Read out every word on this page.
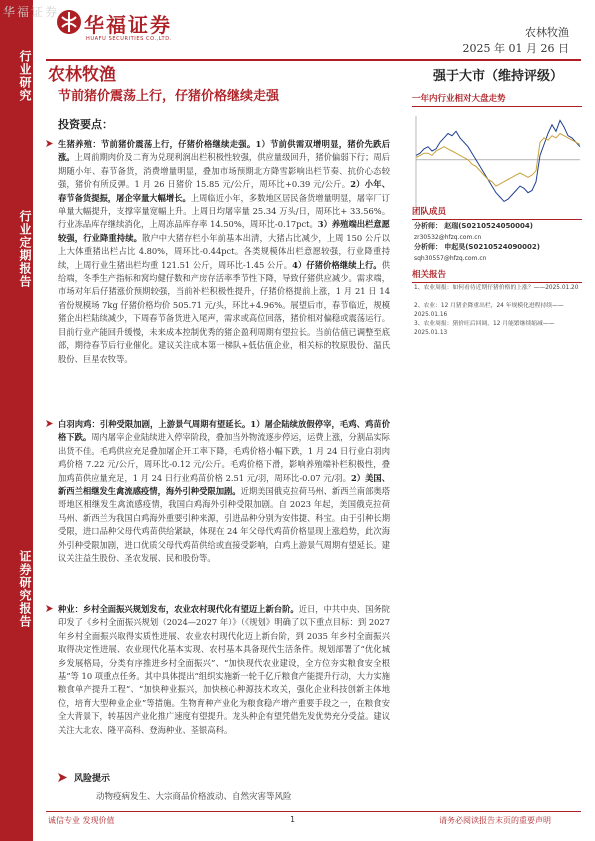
行业研究
行业定期报告
证券研究报告
华福证券
华福证券
HUAFU SECURITIES CO.,LTD.	农林牧渔
2025 年 01 月 26 日
农林牧渔
节前猪价震荡上行，仔猪价格继续走强
投资要点：
生猪养殖：节前猪价震荡上行，仔猪价格继续走强。1）节前供需双增明显，猪价先跌后涨。上周前期肉价及二育为兑现利润出栏积极性较强，供应量级回升，猪价偏弱下行；周后期随小年、春节备货，消费增量明显，叠加市场预期北方降雪影响出栏节奏、抗价心态较强，猪价有所反弹。1 月 26 日猪价 15.85 元/公斤，周环比+0.39 元/公斤。2）小年、春节备货提振，屠企宰量大幅增长。上周临近小年，多数地区居民备货增量明显，屠宰厂订单量大幅提升，支撑宰量宽幅上升。上周日均屠宰量 25.34 万头/日，周环比+ 33.56%。行业冻品库存继续消化，上周冻品库存率 14.50%，周环比-0.17pct。3）养殖端出栏意愿较强，行业降重持续。散户中大猪存栏小年前基本出清，大猪占比减少，上周 150 公斤以上大体重猪出栏占比 4.80%，周环比-0.44pct。各类规模体出栏意愿较强，行业降重持续，上周行业生猪出栏均重 121.51 公斤，周环比-1.45 公斤。4）仔猪价格继续上行。供给端，冬季生产指标和窝均健仔数和产房存活率季节性下降，导致仔猪供应减少。需求端，市场对年后仔猪涨价预期较强，当前补栏积极性提升，仔猪价格提前上涨，1 月 21 日 14 省份规模场 7kg 仔猪价格均价 505.71 元/头，环比+4.96%。展望后市，春节临近，规模猪企出栏陆续减少，下周春节备货进入尾声，需求或高位回落，猪价相对偏稳或震荡运行。目前行业产能回升缓慢，未来成本控制优秀的猪企盈利周期有望拉长。当前估值已调整至底部，期待春节后行业催化。建议关注成本第一梯队+低估值企业，相关标的牧原股份、温氏股份、巨星农牧等。
白羽肉鸡：引种受限加剧，上游景气周期有望延长。1）屠企陆续放假停宰，毛鸡、鸡苗价格下跌。周内屠宰企业陆续进入停宰阶段，叠加当外物流逐步停运，运费上涨，分割品实际出货不佳。毛鸡供应充足叠加屠企开工率下降，毛鸡价格小幅下跌，1 月 24 日行业白羽肉鸡价格 7.22 元/公斤，周环比-0.12 元/公斤。毛鸡价格下滑，影响养殖端补栏积极性，叠加鸡苗供应量充足，1 月 24 日行业鸡苗价格 2.51 元/羽，周环比-0.07 元/羽。2）美国、新西兰相继发生禽流感疫情，海外引种受限加剧。近期美国俄克拉荷马州、新西兰南部奥塔哥地区相继发生禽流感疫情，我国白鸡海外引种受限加剧。自 2023 年起，美国俄克拉荷马州、新西兰为我国白鸡海外重要引种来源，引进品种分别为安伟捷、科宝。由于引种长期受限，进口品种父母代鸡苗供给紧缺，体现在 24 年父母代鸡苗价格显现上涨趋势，此次海外引种受限加剧，进口优质父母代鸡苗供给或直接受影响，白鸡上游景气周期有望延长。建议关注益生股份、圣农发展、民和股份等。
种业：乡村全面振兴规划发布，农业农村现代化有望迈上新台阶。近日，中共中央、国务院印发了《乡村全面振兴规划（2024—2027 年）》（《规划》明确了以下重点目标：到 2027 年乡村全面振兴取得实质性进展、农业农村现代化迈上新台阶，到 2035 年乡村全面振兴取得决定性进展、农业现代化基本实现、农村基本具备现代生活条件。规划部署了“优化城乡发展格局，分类有序推进乡村全面振兴”、“加快现代农业建设，全方位夯实粮食安全根基”等 10 项重点任务。其中具体提出“组织实施新一轮千亿斤粮食产能提升行动，大力实施粮食单产提升工程”、“加快种业振兴，加快核心种源技术攻关，强化企业科技创新主体地位，培育大型种业企业”等措施。生物育种产业化为粮食稳产增产重要手段之一，在粮食安全大背景下，转基因产业化推广速度有望提升。龙头种企有望凭借先发优势充分受益。建议关注大北农、隆平高科、登海种业、荃银高科。
风险提示
动物疫病发生、大宗商品价格波动、自然灾害等风险
强于大市（维持评级）
一年内行业相对大盘走势
团队成员
分析师： 赵瑞(S0210524050004)
zr30532@hfzq.com.cn
分析师： 申起昊(S0210524090002)
sqh30557@hfzq.com.cn
相关报告
1、农业周报：如何看待近期仔猪价格的上涨？——2025.01.20
2、农业：12 月猪企降重出栏，24 年规模化进程持续——2025.01.16
3、农业周报：猪价旺后回调，12 月能繁继续缩减——2025.01.13
诚信专业 发现价值	1	请务必阅读报告末页的重要声明
